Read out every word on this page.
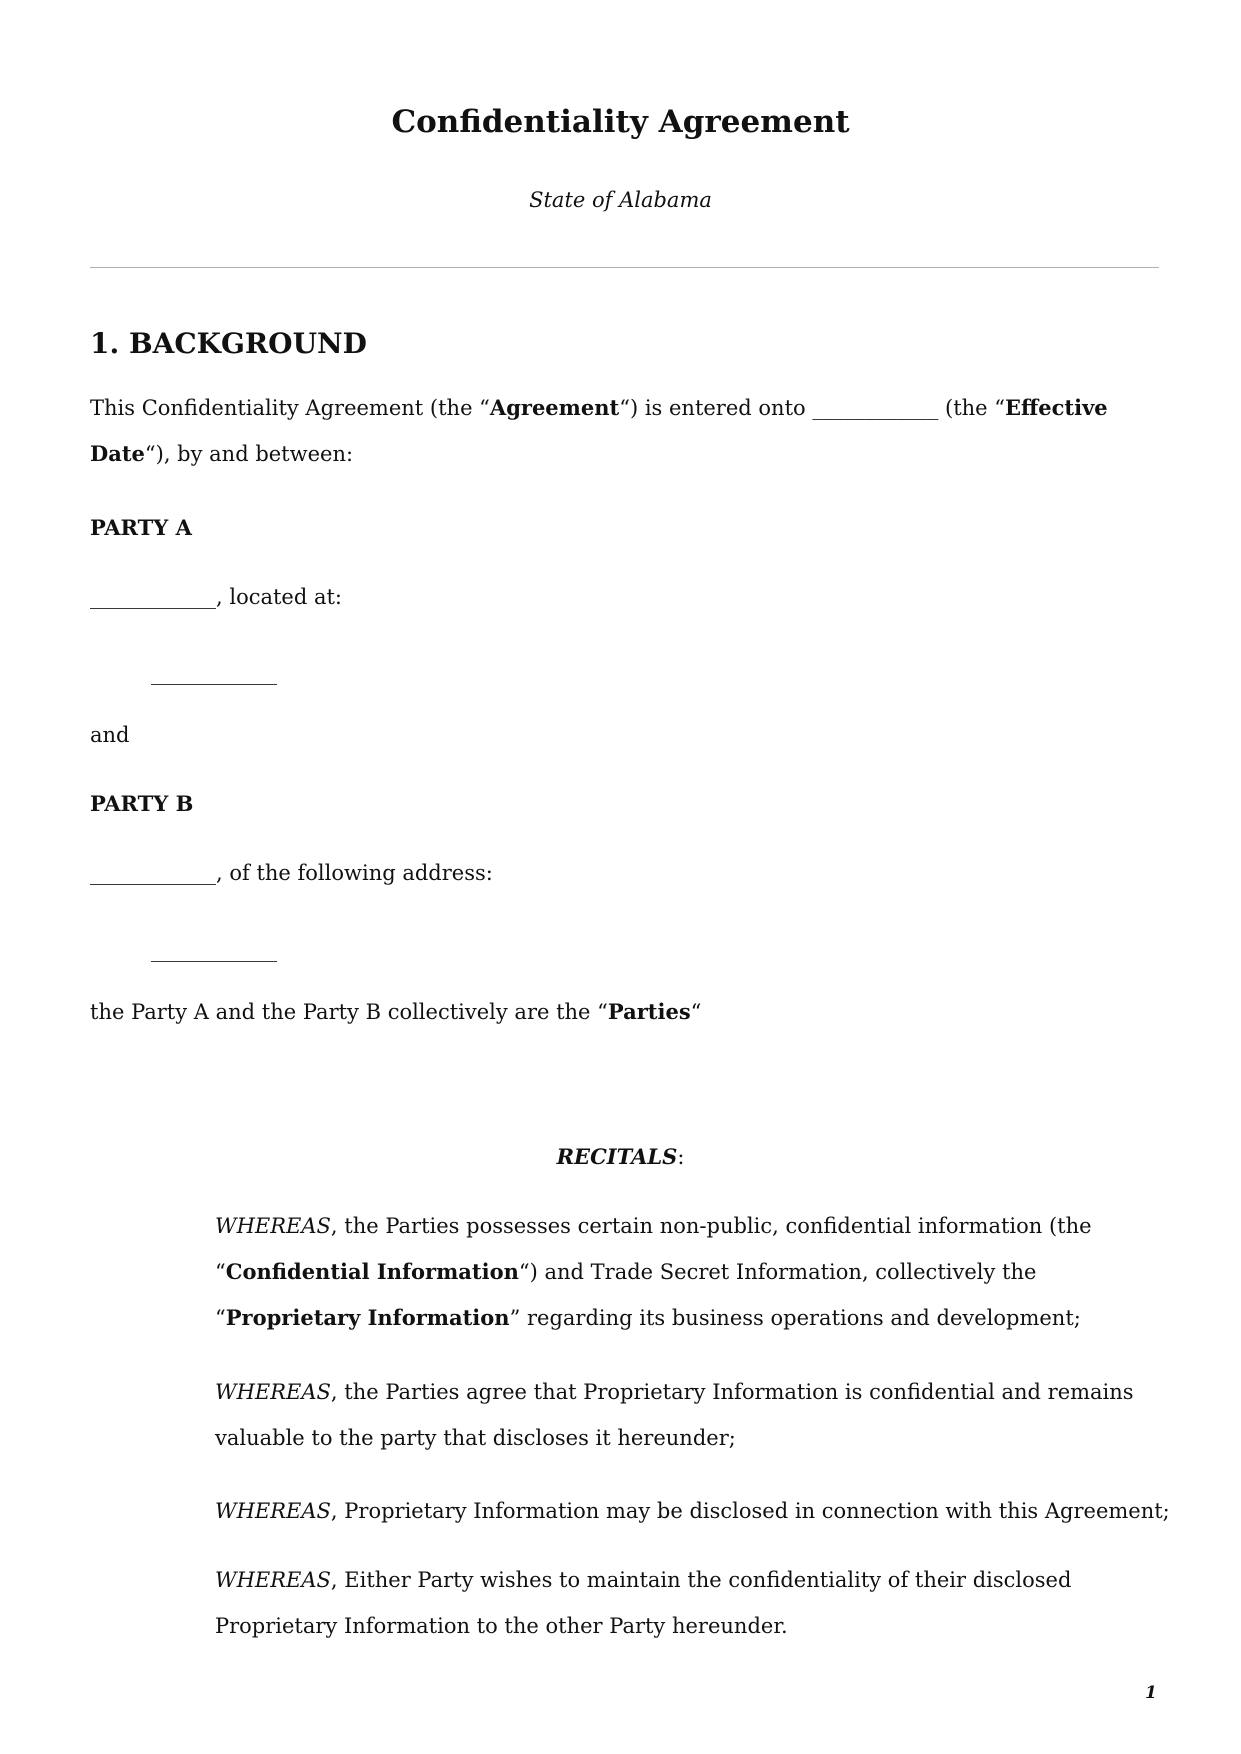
Confidentiality Agreement
State of Alabama
1. BACKGROUND
This Confidentiality Agreement (the “Agreement“) is entered onto ____________ (the “Effective Date“), by and between:
PARTY A
____________, located at:
____________
and
PARTY B
____________, of the following address:
____________
the Party A and the Party B collectively are the “Parties“
RECITALS:
WHEREAS, the Parties possesses certain non-public, confidential information (the “Confidential Information“) and Trade Secret Information, collectively the “Proprietary Information” regarding its business operations and development;
WHEREAS, the Parties agree that Proprietary Information is confidential and remains valuable to the party that discloses it hereunder;
WHEREAS, Proprietary Information may be disclosed in connection with this Agreement;
WHEREAS, Either Party wishes to maintain the confidentiality of their disclosed Proprietary Information to the other Party hereunder.
1
